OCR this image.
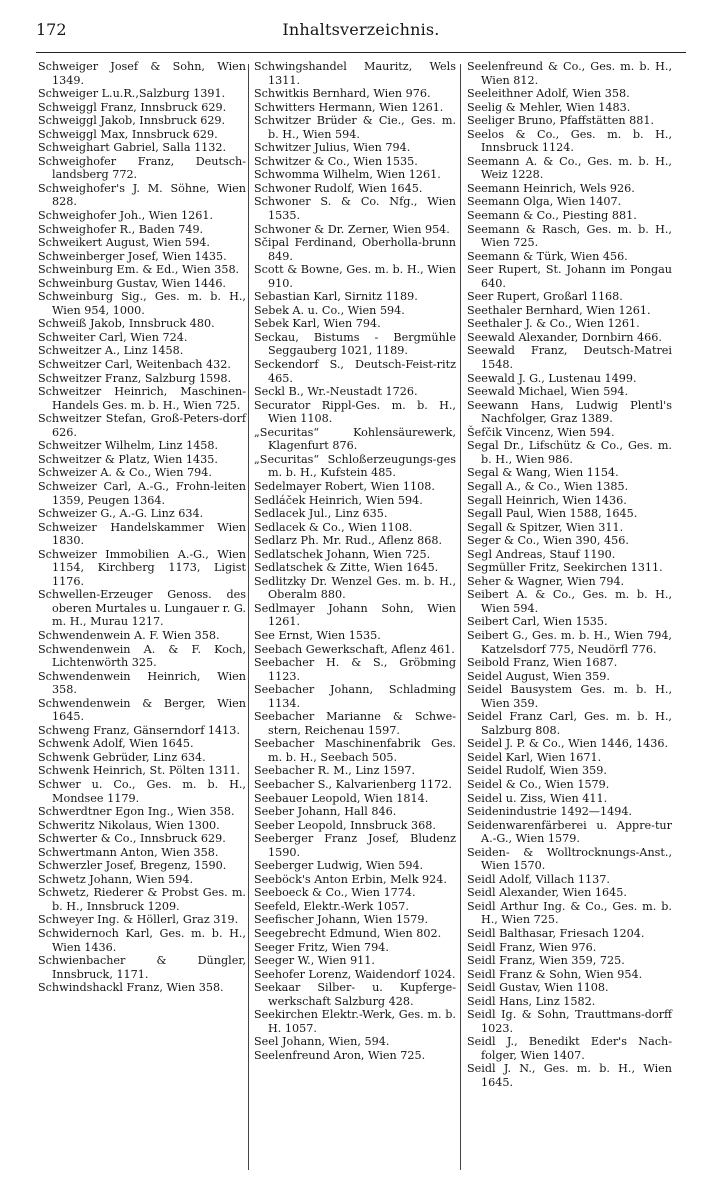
172	Inhaltsverzeichnis.

Schweiger Josef & Sohn, Wien 1349.

Schweiger L.u.R.,Salzburg 1391.

Schweiggl Franz, Innsbruck 629.

Schweiggl Jakob, Innsbruck 629.

Schweiggl Max, Innsbruck 629.

Schweighart Gabriel, Salla 1132.

Schweighofer Franz, Deutsch-landsberg 772.

Schweighofer's J. M. Söhne, Wien 828.

Schweighofer Joh., Wien 1261.

Schweighofer R., Baden 749.

Schweikert August, Wien 594.

Schweinberger Josef, Wien 1435.

Schweinburg Em. & Ed., Wien 358.

Schweinburg Gustav, Wien 1446.

Schweinburg Sig., Ges. m. b. H., Wien 954, 1000.

Schweiß Jakob, Innsbruck 480.

Schweiter Carl, Wien 724.

Schweitzer A., Linz 1458.

Schweitzer Carl, Weitenbach 432.

Schweitzer Franz, Salzburg 1598.

Schweitzer Heinrich, Maschinen-Handels Ges. m. b. H., Wien 725.

Schweitzer Stefan, Groß-Peters-dorf 626.

Schweitzer Wilhelm, Linz 1458.

Schweitzer & Platz, Wien 1435.

Schweizer A. & Co., Wien 794.

Schweizer Carl, A.-G., Frohn-leiten 1359, Peugen 1364.

Schweizer G., A.-G. Linz 634.

Schweizer Handelskammer Wien 1830.

Schweizer Immobilien A.-G., Wien 1154, Kirchberg 1173, Ligist 1176.

Schwellen-Erzeuger Genoss. des oberen Murtales u. Lungauer r. G. m. H., Murau 1217.

Schwendenwein A. F. Wien 358.

Schwendenwein A. & F. Koch, Lichtenwörth 325.

Schwendenwein Heinrich, Wien 358.

Schwendenwein & Berger, Wien 1645.

Schweng Franz, Gänserndorf 1413.

Schwenk Adolf, Wien 1645.

Schwenk Gebrüder, Linz 634.

Schwenk Heinrich, St. Pölten 1311.

Schwer u. Co., Ges. m. b. H., Mondsee 1179.

Schwerdtner Egon Ing., Wien 358.

Schweritz Nikolaus, Wien 1300.

Schwerter & Co., Innsbruck 629.

Schwertmann Anton, Wien 358.

Schwerzler Josef, Bregenz, 1590.

Schwetz Johann, Wien 594.

Schwetz, Riederer & Probst Ges. m. b. H., Innsbruck 1209.

Schweyer Ing. & Höllerl, Graz 319.

Schwidernoch Karl, Ges. m. b. H., Wien 1436.

Schwienbacher & Düngler, Innsbruck, 1171.

Schwindshackl Franz, Wien 358.

Schwingshandel Mauritz, Wels 1311.

Schwitkis Bernhard, Wien 976.

Schwitters Hermann, Wien 1261.

Schwitzer Brüder & Cie., Ges. m. b. H., Wien 594.

Schwitzer Julius, Wien 794.

Schwitzer & Co., Wien 1535.

Schwomma Wilhelm, Wien 1261.

Schwoner Rudolf, Wien 1645.

Schwoner S. & Co. Nfg., Wien 1535.

Schwoner & Dr. Zerner, Wien 954.

Sčipal Ferdinand, Oberholla-brunn 849.

Scott & Bowne, Ges. m. b. H., Wien 910.

Sebastian Karl, Sirnitz 1189.

Sebek A. u. Co., Wien 594.

Sebek Karl, Wien 794.

Seckau, Bistums - Bergmühle Seggauberg 1021, 1189.

Seckendorf S., Deutsch-Feist-ritz 465.

Seckl B., Wr.-Neustadt 1726.

Securator Rippl-Ges. m. b. H., Wien 1108.

„Securitas“ Kohlensäurewerk, Klagenfurt 876.

„Securitas“ Schloßerzeugungs-ges m. b. H., Kufstein 485.

Sedelmayer Robert, Wien 1108.

Sedláček Heinrich, Wien 594.

Sedlacek Jul., Linz 635.

Sedlacek & Co., Wien 1108.

Sedlarz Ph. Mr. Rud., Aflenz 868.

Sedlatschek Johann, Wien 725.

Sedlatschek & Zitte, Wien 1645.

Sedlitzky Dr. Wenzel Ges. m. b. H., Oberalm 880.

Sedlmayer Johann Sohn, Wien 1261.

See Ernst, Wien 1535.

Seebach Gewerkschaft, Aflenz 461.

Seebacher H. & S., Gröbming 1123.

Seebacher Johann, Schladming 1134.

Seebacher Marianne & Schwe-stern, Reichenau 1597.

Seebacher Maschinenfabrik Ges. m. b. H., Seebach 505.

Seebacher R. M., Linz 1597.

Seebacher S., Kalvarienberg 1172.

Seebauer Leopold, Wien 1814.

Seeber Johann, Hall 846.

Seeber Leopold, Innsbruck 368.

Seeberger Franz Josef, Bludenz 1590.

Seeberger Ludwig, Wien 594.

Seeböck's Anton Erbin, Melk 924.

Seeboeck & Co., Wien 1774.

Seefeld, Elektr.-Werk 1057.

Seefischer Johann, Wien 1579.

Seegebrecht Edmund, Wien 802.

Seeger Fritz, Wien 794.

Seeger W., Wien 911.

Seehofer Lorenz, Waidendorf 1024.

Seekaar Silber- u. Kupferge-werkschaft Salzburg 428.

Seekirchen Elektr.-Werk, Ges. m. b. H. 1057.

Seel Johann, Wien, 594.

Seelenfreund Aron, Wien 725.

Seelenfreund & Co., Ges. m. b. H., Wien 812.

Seeleithner Adolf, Wien 358.

Seelig & Mehler, Wien 1483.

Seeliger Bruno, Pfaffstätten 881.

Seelos & Co., Ges. m. b. H., Innsbruck 1124.

Seemann A. & Co., Ges. m. b. H., Weiz 1228.

Seemann Heinrich, Wels 926.

Seemann Olga, Wien 1407.

Seemann & Co., Piesting 881.

Seemann & Rasch, Ges. m. b. H., Wien 725.

Seemann & Türk, Wien 456.

Seer Rupert, St. Johann im Pongau 640.

Seer Rupert, Großarl 1168.

Seethaler Bernhard, Wien 1261.

Seethaler J. & Co., Wien 1261.

Seewald Alexander, Dornbirn 466.

Seewald Franz, Deutsch-Matrei 1548.

Seewald J. G., Lustenau 1499.

Seewald Michael, Wien 594.

Seewann Hans, Ludwig Plentl's Nachfolger, Graz 1389.

Šefčik Vincenz, Wien 594.

Segal Dr., Lifschütz & Co., Ges. m. b. H., Wien 986.

Segal & Wang, Wien 1154.

Segall A., & Co., Wien 1385.

Segall Heinrich, Wien 1436.

Segall Paul, Wien 1588, 1645.

Segall & Spitzer, Wien 311.

Seger & Co., Wien 390, 456.

Segl Andreas, Stauf 1190.

Segmüller Fritz, Seekirchen 1311.

Seher & Wagner, Wien 794.

Seibert A. & Co., Ges. m. b. H., Wien 594.

Seibert Carl, Wien 1535.

Seibert G., Ges. m. b. H., Wien 794, Katzelsdorf 775, Neudörfl 776.

Seibold Franz, Wien 1687.

Seidel August, Wien 359.

Seidel Bausystem Ges. m. b. H., Wien 359.

Seidel Franz Carl, Ges. m. b. H., Salzburg 808.

Seidel J. P. & Co., Wien 1446, 1436.

Seidel Karl, Wien 1671.

Seidel Rudolf, Wien 359.

Seidel & Co., Wien 1579.

Seidel u. Ziss, Wien 411.

Seidenindustrie 1492—1494.

Seidenwarenfärberei u. Appre-tur A.-G., Wien 1579.

Seiden- & Wolltrocknungs-Anst., Wien 1570.

Seidl Adolf, Villach 1137.

Seidl Alexander, Wien 1645.

Seidl Arthur Ing. & Co., Ges. m. b. H., Wien 725.

Seidl Balthasar, Friesach 1204.

Seidl Franz, Wien 976.

Seidl Franz, Wien 359, 725.

Seidl Franz & Sohn, Wien 954.

Seidl Gustav, Wien 1108.

Seidl Hans, Linz 1582.

Seidl Ig. & Sohn, Trauttmans-dorff 1023.

Seidl J., Benedikt Eder's Nach-folger, Wien 1407.

Seidl J. N., Ges. m. b. H., Wien 1645.
